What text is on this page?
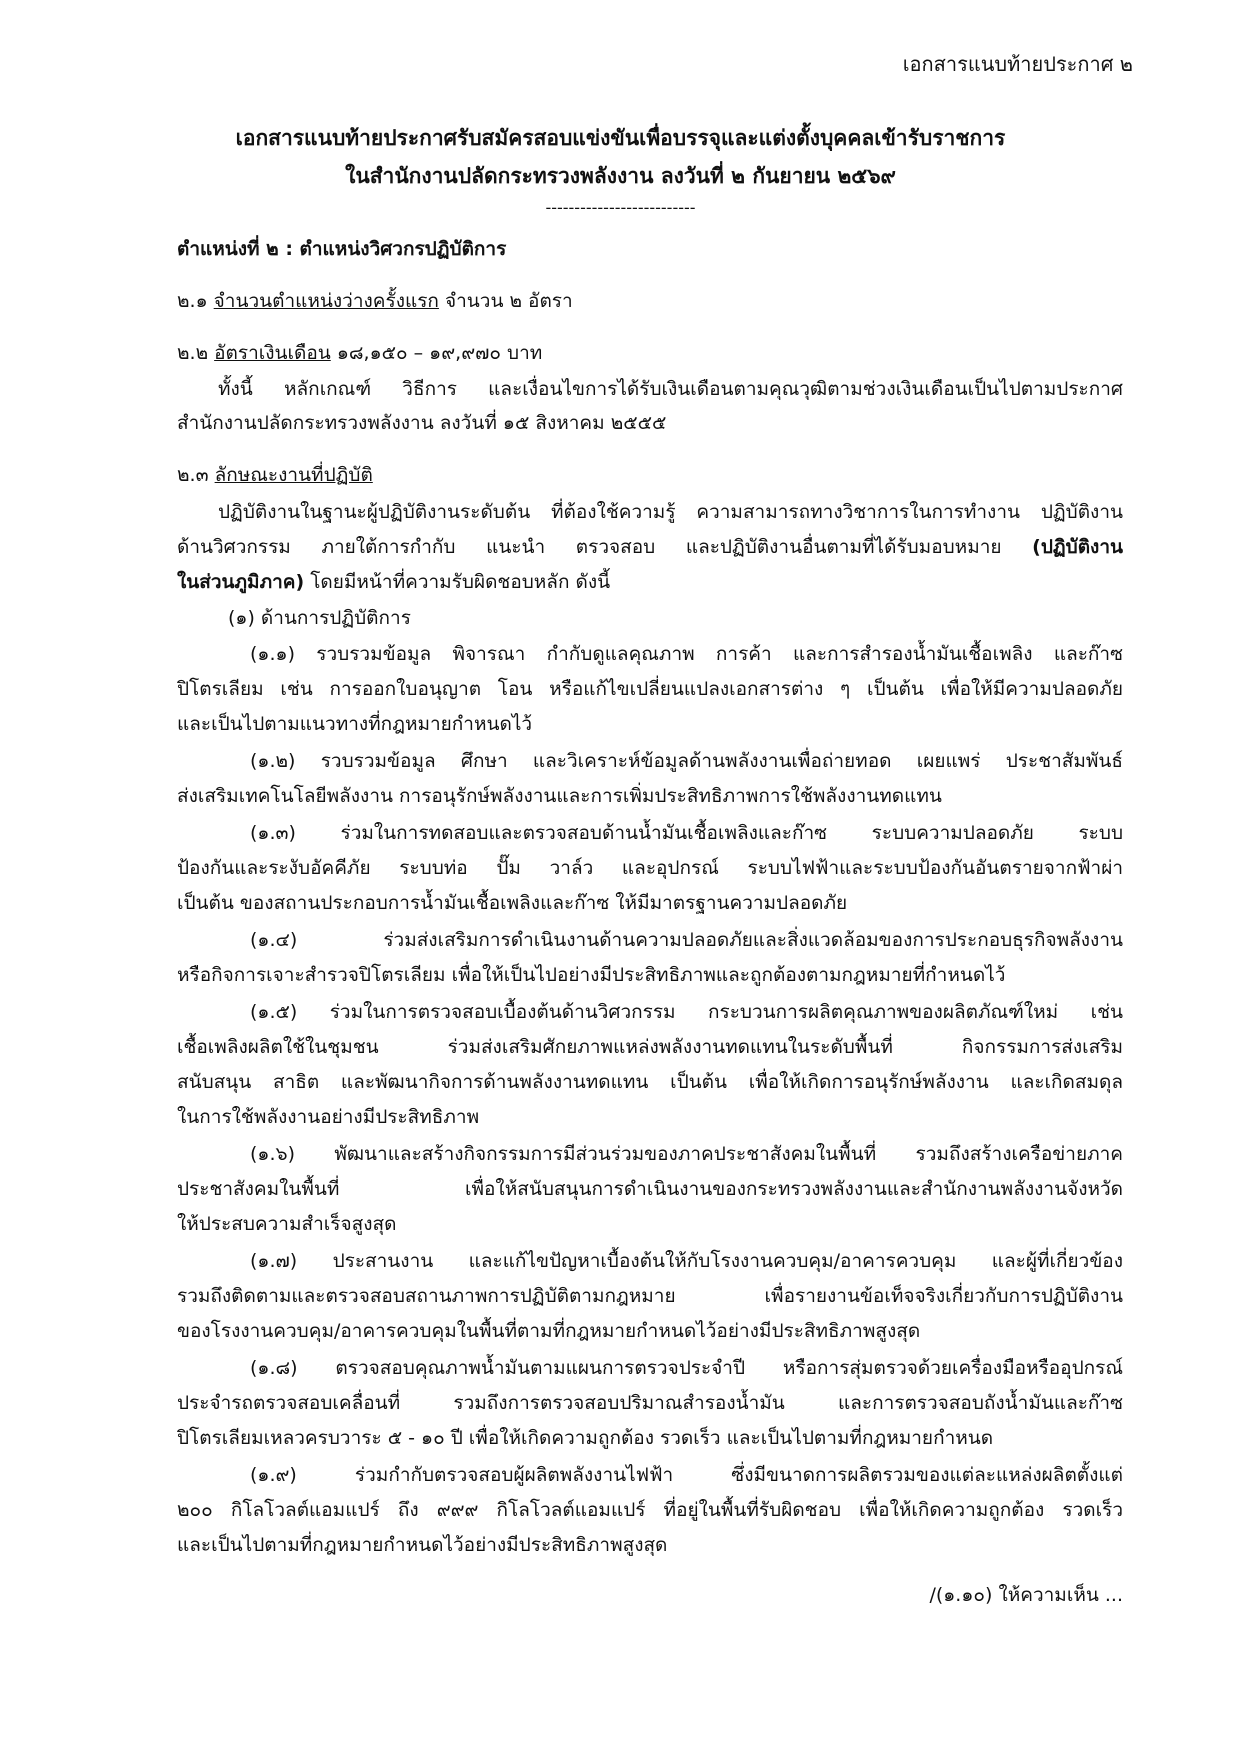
เอกสารแนบท้ายประกาศ ๒
เอกสารแนบท้ายประกาศรับสมัครสอบแข่งขันเพื่อบรรจุและแต่งตั้งบุคคลเข้ารับราชการ
ในสำนักงานปลัดกระทรวงพลังงาน ลงวันที่ ๒ กันยายน ๒๕๖๙
--------------------------
ตำแหน่งที่ ๒ : ตำแหน่งวิศวกรปฏิบัติการ
๒.๑ จำนวนตำแหน่งว่างครั้งแรก จำนวน ๒ อัตรา
๒.๒ อัตราเงินเดือน ๑๘,๑๕๐ – ๑๙,๙๗๐ บาท
ทั้งนี้ หลักเกณฑ์ วิธีการ และเงื่อนไขการได้รับเงินเดือนตามคุณวุฒิตามช่วงเงินเดือนเป็นไปตามประกาศ
สำนักงานปลัดกระทรวงพลังงาน ลงวันที่ ๑๕ สิงหาคม ๒๕๕๕
๒.๓ ลักษณะงานที่ปฏิบัติ
ปฏิบัติงานในฐานะผู้ปฏิบัติงานระดับต้น ที่ต้องใช้ความรู้ ความสามารถทางวิชาการในการทำงาน ปฏิบัติงาน
ด้านวิศวกรรม ภายใต้การกำกับ แนะนำ ตรวจสอบ และปฏิบัติงานอื่นตามที่ได้รับมอบหมาย (ปฏิบัติงาน
ในส่วนภูมิภาค) โดยมีหน้าที่ความรับผิดชอบหลัก ดังนี้
(๑) ด้านการปฏิบัติการ
(๑.๑) รวบรวมข้อมูล พิจารณา กำกับดูแลคุณภาพ การค้า และการสำรองน้ำมันเชื้อเพลิง และก๊าซ
ปิโตรเลียม เช่น การออกใบอนุญาต โอน หรือแก้ไขเปลี่ยนแปลงเอกสารต่าง ๆ เป็นต้น เพื่อให้มีความปลอดภัย
และเป็นไปตามแนวทางที่กฎหมายกำหนดไว้
(๑.๒) รวบรวมข้อมูล ศึกษา และวิเคราะห์ข้อมูลด้านพลังงานเพื่อถ่ายทอด เผยแพร่ ประชาสัมพันธ์
ส่งเสริมเทคโนโลยีพลังงาน การอนุรักษ์พลังงานและการเพิ่มประสิทธิภาพการใช้พลังงานทดแทน
(๑.๓) ร่วมในการทดสอบและตรวจสอบด้านน้ำมันเชื้อเพลิงและก๊าซ ระบบความปลอดภัย ระบบ
ป้องกันและระงับอัคคีภัย ระบบท่อ ปั๊ม วาล์ว และอุปกรณ์ ระบบไฟฟ้าและระบบป้องกันอันตรายจากฟ้าผ่า
เป็นต้น ของสถานประกอบการน้ำมันเชื้อเพลิงและก๊าซ ให้มีมาตรฐานความปลอดภัย
(๑.๔) ร่วมส่งเสริมการดำเนินงานด้านความปลอดภัยและสิ่งแวดล้อมของการประกอบธุรกิจพลังงาน
หรือกิจการเจาะสำรวจปิโตรเลียม เพื่อให้เป็นไปอย่างมีประสิทธิภาพและถูกต้องตามกฎหมายที่กำหนดไว้
(๑.๕) ร่วมในการตรวจสอบเบื้องต้นด้านวิศวกรรม กระบวนการผลิตคุณภาพของผลิตภัณฑ์ใหม่ เช่น
เชื้อเพลิงผลิตใช้ในชุมชน ร่วมส่งเสริมศักยภาพแหล่งพลังงานทดแทนในระดับพื้นที่ กิจกรรมการส่งเสริม
สนับสนุน สาธิต และพัฒนากิจการด้านพลังงานทดแทน เป็นต้น เพื่อให้เกิดการอนุรักษ์พลังงาน และเกิดสมดุล
ในการใช้พลังงานอย่างมีประสิทธิภาพ
(๑.๖) พัฒนาและสร้างกิจกรรมการมีส่วนร่วมของภาคประชาสังคมในพื้นที่ รวมถึงสร้างเครือข่ายภาค
ประชาสังคมในพื้นที่ เพื่อให้สนับสนุนการดำเนินงานของกระทรวงพลังงานและสำนักงานพลังงานจังหวัด
ให้ประสบความสำเร็จสูงสุด
(๑.๗) ประสานงาน และแก้ไขปัญหาเบื้องต้นให้กับโรงงานควบคุม/อาคารควบคุม และผู้ที่เกี่ยวข้อง
รวมถึงติดตามและตรวจสอบสถานภาพการปฏิบัติตามกฎหมาย เพื่อรายงานข้อเท็จจริงเกี่ยวกับการปฏิบัติงาน
ของโรงงานควบคุม/อาคารควบคุมในพื้นที่ตามที่กฎหมายกำหนดไว้อย่างมีประสิทธิภาพสูงสุด
(๑.๘) ตรวจสอบคุณภาพน้ำมันตามแผนการตรวจประจำปี หรือการสุ่มตรวจด้วยเครื่องมือหรืออุปกรณ์
ประจำรถตรวจสอบเคลื่อนที่ รวมถึงการตรวจสอบปริมาณสำรองน้ำมัน และการตรวจสอบถังน้ำมันและก๊าซ
ปิโตรเลียมเหลวครบวาระ ๕ - ๑๐ ปี เพื่อให้เกิดความถูกต้อง รวดเร็ว และเป็นไปตามที่กฎหมายกำหนด
(๑.๙) ร่วมกำกับตรวจสอบผู้ผลิตพลังงานไฟฟ้า ซึ่งมีขนาดการผลิตรวมของแต่ละแหล่งผลิตตั้งแต่
๒๐๐ กิโลโวลต์แอมแปร์ ถึง ๙๙๙ กิโลโวลต์แอมแปร์ ที่อยู่ในพื้นที่รับผิดชอบ เพื่อให้เกิดความถูกต้อง รวดเร็ว
และเป็นไปตามที่กฎหมายกำหนดไว้อย่างมีประสิทธิภาพสูงสุด
/(๑.๑๐) ให้ความเห็น ...
